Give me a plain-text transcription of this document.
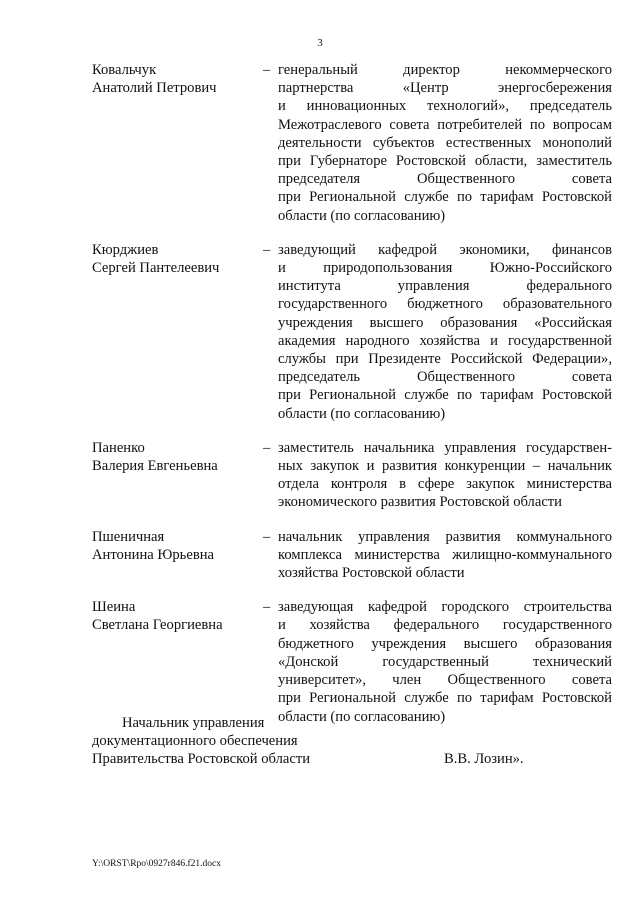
3
Ковальчук
Анатолий Петрович
– генеральный директор некоммерческого
партнерства «Центр энергосбережения
и инновационных технологий», председатель
Межотраслевого совета потребителей по вопросам
деятельности субъектов естественных монополий
при Губернаторе Ростовской области, заместитель
председателя Общественного совета
при Региональной службе по тарифам Ростовской
области (по согласованию)
Кюрджиев
Сергей Пантелеевич
– заведующий кафедрой экономики, финансов
и природопользования Южно-Российского
института управления федерального
государственного бюджетного образовательного
учреждения высшего образования «Российская
академия народного хозяйства и государственной
службы при Президенте Российской Федерации»,
председатель Общественного совета
при Региональной службе по тарифам Ростовской
области (по согласованию)
Паненко
Валерия Евгеньевна
– заместитель начальника управления государствен-
ных закупок и развития конкуренции – начальник
отдела контроля в сфере закупок министерства
экономического развития Ростовской области
Пшеничная
Антонина Юрьевна
– начальник управления развития коммунального
комплекса министерства жилищно-коммунального
хозяйства Ростовской области
Шеина
Светлана Георгиевна
– заведующая кафедрой городского строительства
и хозяйства федерального государственного
бюджетного учреждения высшего образования
«Донской государственный технический
университет», член Общественного совета
при Региональной службе по тарифам Ростовской
области (по согласованию)
Начальник управления
документационного обеспечения
Правительства Ростовской области	В.В. Лозин».
Y:\ORST\Rpo\0927r846.f21.docx
